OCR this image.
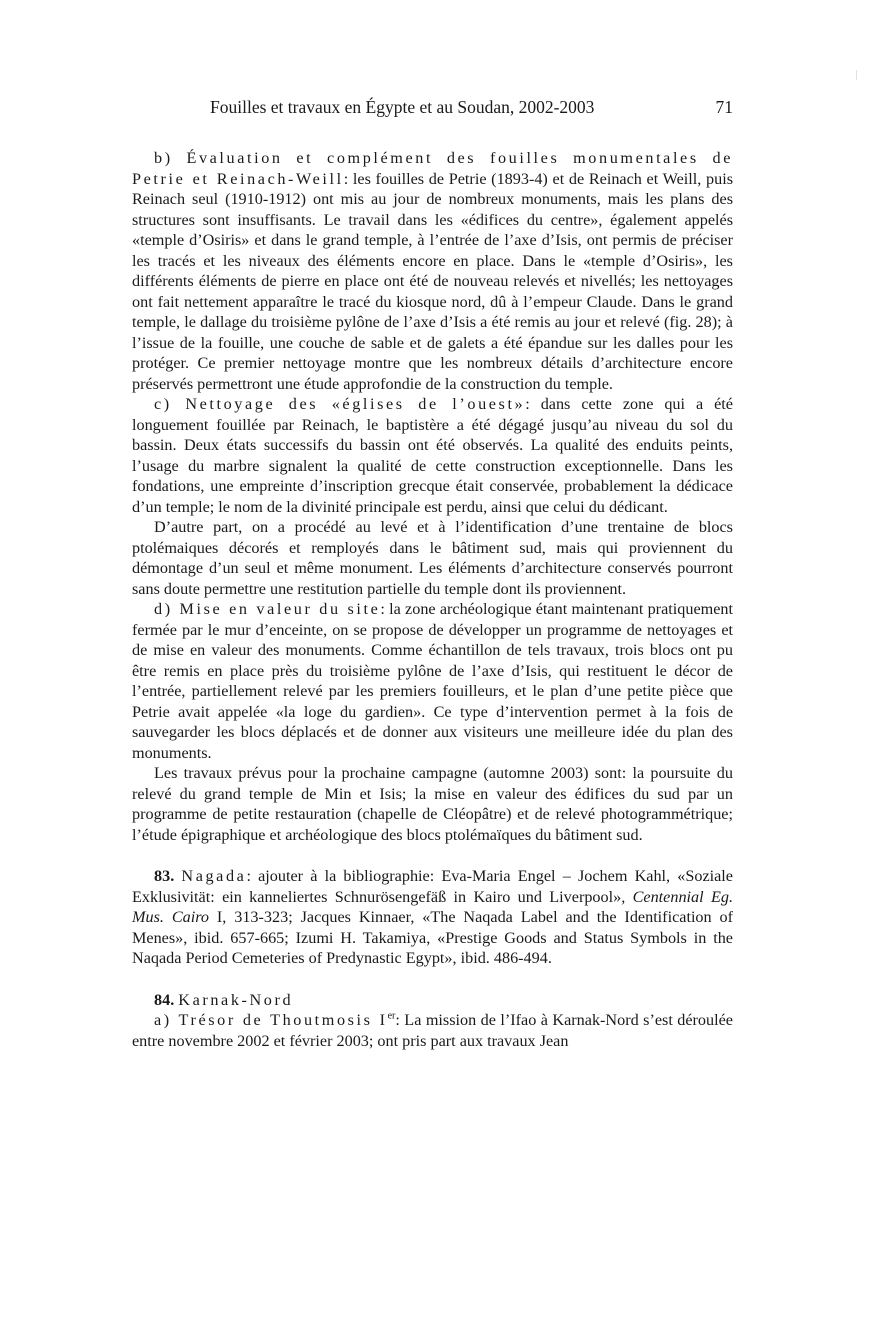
Fouilles et travaux en Égypte et au Soudan, 2002-2003	71

b) Évaluation et complément des fouilles monumentales de Petrie et Reinach-Weill: les fouilles de Petrie (1893-4) et de Reinach et Weill, puis Reinach seul (1910-1912) ont mis au jour de nombreux monuments, mais les plans des structures sont insuffisants. Le travail dans les «édifices du centre», également appelés «temple d’Osiris» et dans le grand temple, à l’entrée de l’axe d’Isis, ont permis de préciser les tracés et les niveaux des éléments encore en place. Dans le «temple d’Osiris», les différents éléments de pierre en place ont été de nouveau relevés et nivellés; les nettoyages ont fait nettement apparaître le tracé du kiosque nord, dû à l’empeur Claude. Dans le grand temple, le dallage du troisième pylône de l’axe d’Isis a été remis au jour et relevé (fig. 28); à l’issue de la fouille, une couche de sable et de galets a été épandue sur les dalles pour les protéger. Ce premier nettoyage montre que les nombreux détails d’architecture encore préservés permettront une étude approfondie de la construction du temple.

c) Nettoyage des «églises de l’ouest»: dans cette zone qui a été longuement fouillée par Reinach, le baptistère a été dégagé jusqu’au niveau du sol du bassin. Deux états successifs du bassin ont été observés. La qualité des enduits peints, l’usage du marbre signalent la qualité de cette construction exceptionnelle. Dans les fondations, une empreinte d’inscription grecque était conservée, probablement la dédicace d’un temple; le nom de la divinité principale est perdu, ainsi que celui du dédicant.

D’autre part, on a procédé au levé et à l’identification d’une trentaine de blocs ptolémaiques décorés et remployés dans le bâtiment sud, mais qui proviennent du démontage d’un seul et même monument. Les éléments d’architecture conservés pourront sans doute permettre une restitution partielle du temple dont ils proviennent.

d) Mise en valeur du site: la zone archéologique étant maintenant pratiquement fermée par le mur d’enceinte, on se propose de développer un programme de nettoyages et de mise en valeur des monuments. Comme échantillon de tels travaux, trois blocs ont pu être remis en place près du troisième pylône de l’axe d’Isis, qui restituent le décor de l’entrée, partiellement relevé par les premiers fouilleurs, et le plan d’une petite pièce que Petrie avait appelée «la loge du gardien». Ce type d’intervention permet à la fois de sauvegarder les blocs déplacés et de donner aux visiteurs une meilleure idée du plan des monuments.

Les travaux prévus pour la prochaine campagne (automne 2003) sont: la poursuite du relevé du grand temple de Min et Isis; la mise en valeur des édifices du sud par un programme de petite restauration (chapelle de Cléopâtre) et de relevé photogrammétrique; l’étude épigraphique et archéologique des blocs ptolémaïques du bâtiment sud.

83. Nagada: ajouter à la bibliographie: Eva-Maria Engel – Jochem Kahl, «Soziale Exklusivität: ein kanneliertes Schnurösengefäß in Kairo und Liverpool», Centennial Eg. Mus. Cairo I, 313-323; Jacques Kinnaer, «The Naqada Label and the Identification of Menes», ibid. 657-665; Izumi H. Takamiya, «Prestige Goods and Status Symbols in the Naqada Period Cemeteries of Predynastic Egypt», ibid. 486-494.

84. Karnak-Nord

a) Trésor de Thoutmosis Ier: La mission de l’Ifao à Karnak-Nord s’est déroulée entre novembre 2002 et février 2003; ont pris part aux travaux Jean
